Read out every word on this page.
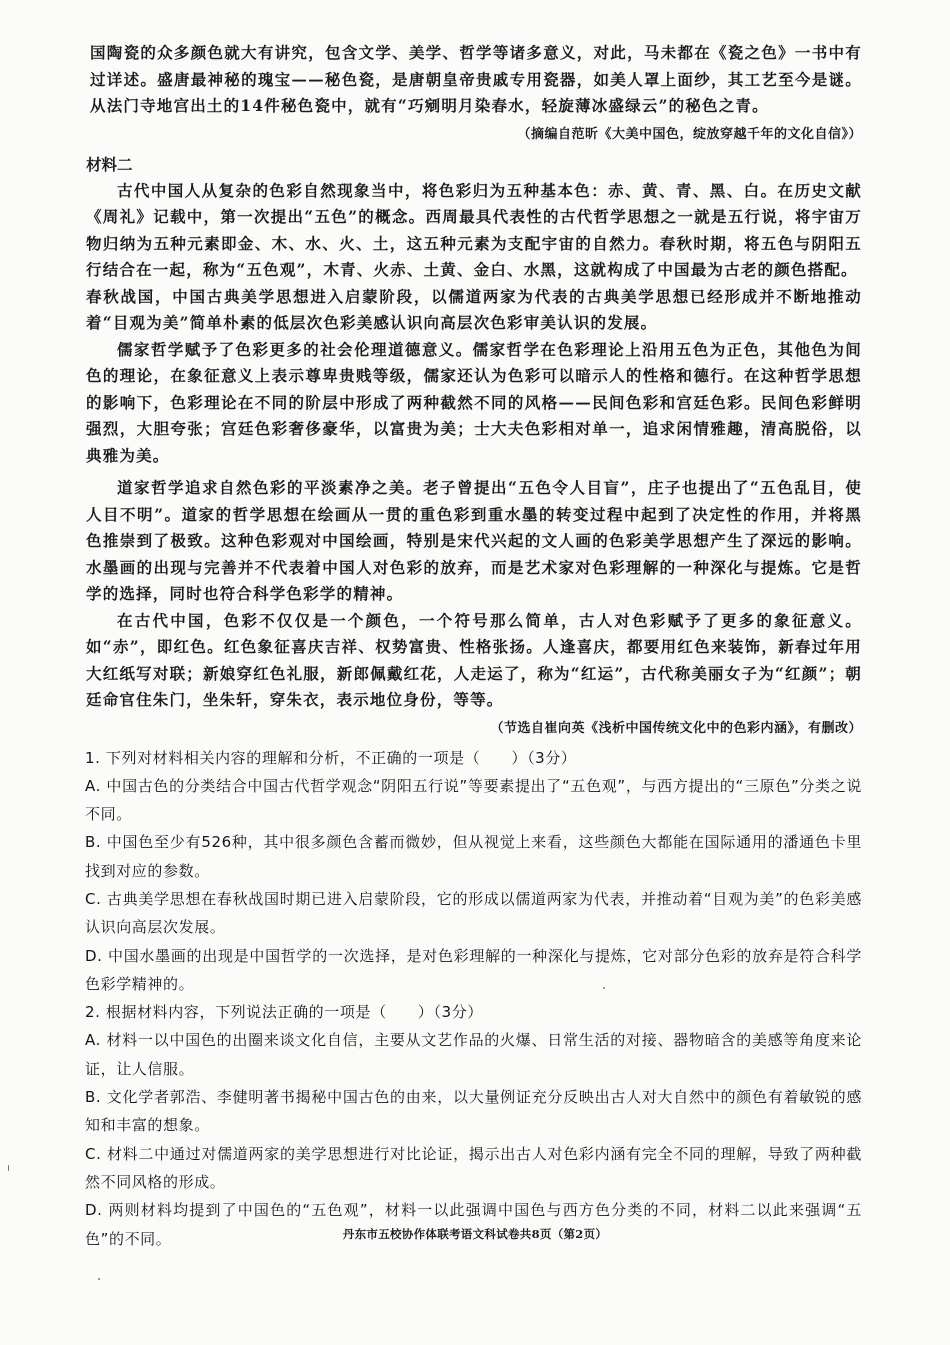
国陶瓷的众多颜色就大有讲究，包含文学、美学、哲学等诸多意义，对此，马未都在《瓷之色》一书中有过详述。盛唐最神秘的瑰宝——秘色瓷，是唐朝皇帝贵戚专用瓷器，如美人罩上面纱，其工艺至今是谜。从法门寺地宫出土的14件秘色瓷中，就有“巧剜明月染春水，轻旋薄冰盛绿云”的秘色之青。

（摘编自范昕《大美中国色，绽放穿越千年的文化自信》）

材料二

古代中国人从复杂的色彩自然现象当中，将色彩归为五种基本色：赤、黄、青、黑、白。在历史文献《周礼》记载中，第一次提出“五色”的概念。西周最具代表性的古代哲学思想之一就是五行说，将宇宙万物归纳为五种元素即金、木、水、火、土，这五种元素为支配宇宙的自然力。春秋时期，将五色与阴阳五行结合在一起，称为“五色观”，木青、火赤、土黄、金白、水黑，这就构成了中国最为古老的颜色搭配。

春秋战国，中国古典美学思想进入启蒙阶段，以儒道两家为代表的古典美学思想已经形成并不断地推动着“目观为美”简单朴素的低层次色彩美感认识向高层次色彩审美认识的发展。

儒家哲学赋予了色彩更多的社会伦理道德意义。儒家哲学在色彩理论上沿用五色为正色，其他色为间色的理论，在象征意义上表示尊卑贵贱等级，儒家还认为色彩可以暗示人的性格和德行。在这种哲学思想的影响下，色彩理论在不同的阶层中形成了两种截然不同的风格——民间色彩和宫廷色彩。民间色彩鲜明强烈，大胆夸张；宫廷色彩奢侈豪华，以富贵为美；士大夫色彩相对单一，追求闲情雅趣，清高脱俗，以典雅为美。

道家哲学追求自然色彩的平淡素净之美。老子曾提出“五色令人目盲”，庄子也提出了“五色乱目，使人目不明”。道家的哲学思想在绘画从一贯的重色彩到重水墨的转变过程中起到了决定性的作用，并将黑色推崇到了极致。这种色彩观对中国绘画，特别是宋代兴起的文人画的色彩美学思想产生了深远的影响。水墨画的出现与完善并不代表着中国人对色彩的放弃，而是艺术家对色彩理解的一种深化与提炼。它是哲学的选择，同时也符合科学色彩学的精神。

在古代中国，色彩不仅仅是一个颜色，一个符号那么简单，古人对色彩赋予了更多的象征意义。如“赤”，即红色。红色象征喜庆吉祥、权势富贵、性格张扬。人逢喜庆，都要用红色来装饰，新春过年用大红纸写对联；新娘穿红色礼服，新郎佩戴红花，人走运了，称为“红运”，古代称美丽女子为“红颜”；朝廷命官住朱门，坐朱轩，穿朱衣，表示地位身份，等等。

（节选自崔向英《浅析中国传统文化中的色彩内涵》，有删改）

1. 下列对材料相关内容的理解和分析，不正确的一项是（　　）（3分）

A. 中国古色的分类结合中国古代哲学观念“阴阳五行说”等要素提出了“五色观”，与西方提出的“三原色”分类之说不同。

B. 中国色至少有526种，其中很多颜色含蓄而微妙，但从视觉上来看，这些颜色大都能在国际通用的潘通色卡里找到对应的参数。

C. 古典美学思想在春秋战国时期已进入启蒙阶段，它的形成以儒道两家为代表，并推动着“目观为美”的色彩美感认识向高层次发展。

D. 中国水墨画的出现是中国哲学的一次选择，是对色彩理解的一种深化与提炼，它对部分色彩的放弃是符合科学色彩学精神的。

2. 根据材料内容，下列说法正确的一项是（　　）（3分）

A. 材料一以中国色的出圈来谈文化自信，主要从文艺作品的火爆、日常生活的对接、器物暗含的美感等角度来论证，让人信服。

B. 文化学者郭浩、李健明著书揭秘中国古色的由来，以大量例证充分反映出古人对大自然中的颜色有着敏锐的感知和丰富的想象。

C. 材料二中通过对儒道两家的美学思想进行对比论证，揭示出古人对色彩内涵有完全不同的理解，导致了两种截然不同风格的形成。

D. 两则材料均提到了中国色的“五色观”，材料一以此强调中国色与西方色分类的不同，材料二以此来强调“五色”的不同。	丹东市五校协作体联考语文科试卷共8页（第2页）
